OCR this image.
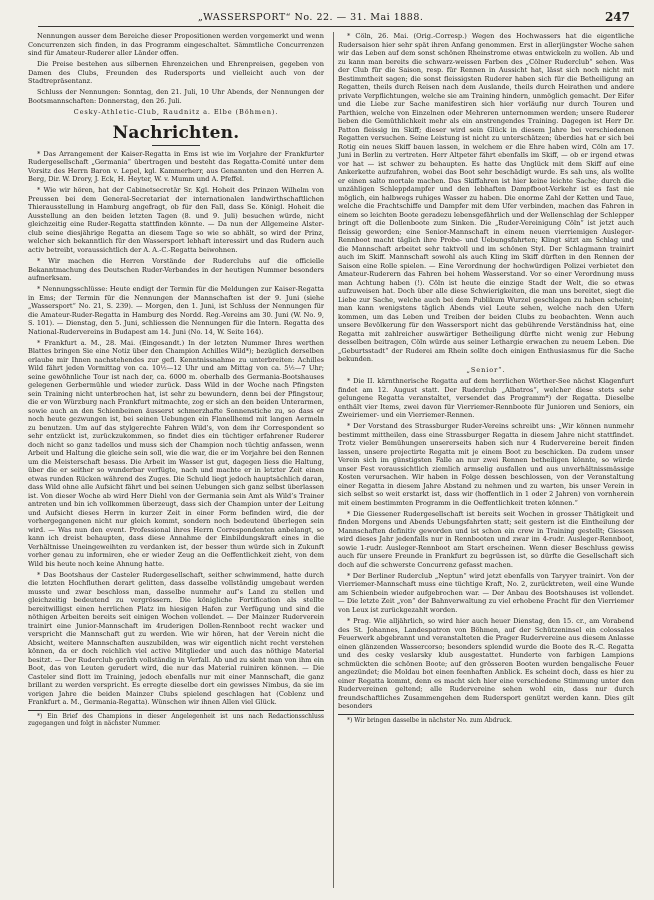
„WASSERSPORT“ No. 22. — 31. Mai 1888.	247

Nennungen ausser dem Bereiche dieser Propositionen werden vorgemerkt und wenn Concurrenzen sich finden, in das Programm eingeschaltet. Sämmtliche Concurrenzen sind für Amateur-Ruderer aller Länder offen.

Die Preise bestehen aus silbernen Ehrenzeichen und Ehrenpreisen, gegeben von Damen des Clubs, Freunden des Rudersports und vielleicht auch von der Stadtrepräsentanz.

Schluss der Nennungen: Sonntag, den 21. Juli, 10 Uhr Abends, der Nennungen der Bootsmannschaften: Donnerstag, den 26. Juli.

Cesky-Athletic-Club, Raudnitz a. Elbe (Böhmen).

Nachrichten.

* Das Arrangement der Kaiser-Regatta in Ems ist wie im Vorjahre der Frankfurter Rudergesellschaft „Germania“ übertragen und besteht das Regatta-Comité unter dem Vorsitz des Herrn Baron v. Lepel, kgl. Kammerherr, aus Genannten und den Herren A. Berg, Dir. W. Drory, J. Eck, H. Heyter, W. v. Mumm und A. Pfeffel.

* Wie wir hören, hat der Cabinetsecretär Sr. Kgl. Hoheit des Prinzen Wilhelm von Preussen bei dem General-Secretariat der internationalen landwirthschaftlichen Thierausstellung in Hamburg angefragt, ob für den Fall, dass Se. Königl. Hoheit die Ausstellung an den beiden letzten Tagen (8. und 9. Juli) besuchen würde, nicht gleichzeitig eine Ruder-Regatta stattfinden könnte. — Da nun der Allgemeine Alster-club seine diesjährige Regatta an diesem Tage so wie so abhält, so wird der Prinz, welcher sich bekanntlich für den Wassersport lebhaft interessirt und das Rudern auch activ betreibt, voraussichtlich der A. A.-C.-Regatta beiwohnen.

* Wir machen die Herren Vorstände der Ruderclubs auf die officielle Bekanntmachung des Deutschen Ruder-Verbandes in der heutigen Nummer besonders aufmerksam.

* Nennungsschlüsse: Heute endigt der Termin für die Meldungen zur Kaiser-Regatta in Ems; der Termin für die Nennungen der Mannschaften ist der 9. Juni (siehe „Wassersport“ No. 21, S. 239). — Morgen, den 1. Juni, ist Schluss der Nennungen für die Amateur-Ruder-Regatta in Hamburg des Nordd. Reg.-Vereins am 30. Juni (W. No. 9, S. 101). — Dienstag, den 5. Juni, schliessen die Nennungen für die Intern. Regatta des National-Rudervereins in Budapest am 14. Juni (No. 14, W. Seite 164).

* Frankfurt a. M., 28. Mai. (Eingesandt.) In der letzten Nummer Ihres werthen Blattes bringen Sie eine Notiz über den Champion Achilles Wild*); bezüglich derselben erlaube mir Ihnen nachstehendes zur gefl. Kenntnissnahme zu unterbreiten: Achilles Wild fährt jeden Vormittag von ca. 10½—12 Uhr und am Mittag von ca. 5½—7 Uhr; seine gewöhnliche Tour ist nach der, ca. 6000 m. oberhalb des Germania-Bootshauses gelegenen Gerbermühle und wieder zurück. Dass Wild in der Woche nach Pfingsten sein Training nicht unterbrochen hat, ist sehr zu bewundern, denn bei der Pfingstour, die er von Würzburg nach Frankfurt mitmachte, zog er sich an den beiden Unterarmen, sowie auch an den Schienbeinen äusserst schmerzhafte Sonnenstiche zu, so dass er noch heute gezwungen ist, bei seinen Uebungen ein Flanellhemd mit langen Aermeln zu benutzen. Um auf das stylgerechte Fahren Wild’s, von dem ihr Correspondent so sehr entzückt ist, zurückzukommen, so findet dies ein tüchtiger erfahrener Ruderer doch nicht so ganz tadellos und muss sich der Champion noch tüchtig anfassen, wenn Arbeit und Haltung die gleiche sein soll, wie die war, die er im Vorjahre bei den Rennen um die Meisterschaft besass. Die Arbeit im Wasser ist gut, dagegen liess die Haltung, über die er seither so wunderbar verfügte, nach und machte er in letzter Zeit einen etwas runden Rücken während des Zuges. Die Schuld liegt jedoch hauptsächlich daran, dass Wild ohne alle Aufsicht fährt und bei seinen Uebungen sich ganz selbst überlassen ist. Von dieser Woche ab wird Herr Diehl von der Germania sein Amt als Wild’s Trainer antreten und bin ich vollkommen überzeugt, dass sich der Champion unter der Leitung und Aufsicht dieses Herrn in kurzer Zeit in einer Form befinden wird, die der vorhergegangenen nicht nur gleich kommt, sondern noch bedeutend überlegen sein wird. — Was nun den event. Professional ihres Herrn Correspondenten anbelangt, so kann ich dreist behaupten, dass diese Annahme der Einbildungskraft eines in die Verhältnisse Uneingeweihten zu verdanken ist, der besser thun würde sich in Zukunft vorher genau zu informiren, ehe er wieder Zeug an die Oeffentlichkeit zieht, von dem Wild bis heute noch keine Ahnung hatte.

* Das Bootshaus der Casteler Rudergesellschaft, seither schwimmend, hatte durch die letzten Hochfluthen derart gelitten, dass dasselbe vollständig umgebaut werden musste und zwar beschloss man, dasselbe nunmehr auf’s Land zu stellen und gleichzeitig bedeutend zu vergrössern. Die königliche Fortification als stellte bereitwilligst einen herrlichen Platz im hiesigen Hafen zur Verfügung und sind die nöthigen Arbeiten bereits seit einigen Wochen vollendet. — Der Mainzer Ruderverein trainirt eine Junior-Mannschaft im 4ruderigen Dollen-Rennboot recht wacker und verspricht die Mannschaft gut zu werden. Wie wir hören, hat der Verein nicht die Absicht, weitere Mannschaften auszubilden, was wir eigentlich nicht recht verstehen können, da er doch reichlich viel active Mitglieder und auch das nöthige Material besitzt. — Der Ruderclub geräth vollständig in Verfall. Ab und zu sieht man von ihm ein Boot, das von Leuten gerudert wird, die nur das Material ruiniren können. — Die Casteler sind flott im Training, jedoch ebenfalls nur mit einer Mannschaft, die ganz brillant zu werden verspricht. Es erregte dieselbe dort ein gewisses Nimbus, da sie im vorigen Jahre die beiden Mainzer Clubs spielend geschlagen hat (Coblenz und Frankfurt a. M., Germania-Regatta). Wünschen wir ihnen Allen viel Glück.

*) Ein Brief des Champions in dieser Angelegenheit ist uns nach Redactionsschluss zugegangen und folgt in nächster Nummer.

* Cöln, 26. Mai. (Orig.-Corresp.) Wegen des Hochwassers hat die eigentliche Rudersaison hier sehr spät ihren Anfang genommen. Erst in allerjüngster Woche sahen wir das Leben auf dem sonst schönen Rheinstrome etwas entwickeln zu wollen. Ab und zu kann man bereits die schwarz-weissen Farben des „Cölner Ruderclub“ sehen. Was der Club für die Saison, resp. für Rennen in Aussicht hat, lässt sich noch nicht mit Bestimmtheit sagen; die sonst fleissigsten Ruderer haben sich für die Betheiligung an Regatten, theils durch Reisen nach dem Auslande, theils durch Heirathen und andere private Verpflichtungen, welche sie am Training hindern, unmöglich gemacht. Der Eifer und die Liebe zur Sache manifestiren sich hier vorläufig nur durch Touren und Parthien, welche von Einzelnen oder Mehreren unternommen werden; unsere Ruderer lieben die Gemüthlichkeit mehr als ein anstrengendes Training. Dagegen ist Herr Dr. Patton fleissig im Skiff; dieser wird sein Glück in diesem Jahre bei verschiedenen Regatten versuchen. Seine Leistung ist nicht zu unterschätzen; überdies hat er sich bei Rotig ein neues Skiff bauen lassen, in welchem er die Ehre haben wird, Cöln am 17. Juni in Berlin zu vertreten. Herr Altpeter fährt ebenfalls im Skiff, — ob er irgend etwas vor hat — ist schwer zu behaupten. Es hatte das Unglück mit dem Skiff auf eine Ankerkette aufzufahren, wobei das Boot sehr beschädigt wurde. Es sah uns, als wollte er einen salto mortale machen. Das Skiffahren ist hier keine leichte Sache; durch die unzähligen Schleppdampfer und den lebhaften Dampfboot-Verkehr ist es fast nie möglich, ein halbwegs ruhiges Wasser zu haben. Die enorme Zahl der Ketten und Taue, welche die Frachtschiffe und Dampfer mit dem Ufer verbinden, machen das Fahren in einem so leichten Boote geradezu lebensgefährlich und der Wellenschlag der Schlepper bringt oft die Dollenboote zum Sinken. Die „Ruder-Vereinigung Cöln“ ist jetzt auch fleissig geworden; eine Senior-Mannschaft in einem neuen vierriemigen Ausleger-Rennboot macht täglich ihre Probe- und Uebungsfahrten; Klingt sitzt am Schlag und die Mannschaft arbeitet sehr taktvoll und im schönen Styl. Der Schlagmann trainirt auch im Skiff. Mannschaft sowohl als auch Kling im Skiff dürften in den Rennen der Saison eine Rolle spielen. — Eine Verordnung der hochwürdigen Polizei verbietet den Amateur-Ruderern das Fahren bei hohem Wasserstand. Vor so einer Verordnung muss man Achtung haben (!). Cöln ist heute die einzige Stadt der Welt, die so etwas aufzuweisen hat. Doch über alle diese Schwierigkeiten, die man uns bereitet, siegt die Liebe zur Sache, welche auch bei dem Publikum Wurzel geschlagen zu haben scheint; man kann wenigstens täglich Abends viel Leute sehen, welche nach den Ufern kommen, um das Leben und Treiben der beiden Clubs zu beobachten. Wenn auch unsere Bevölkerung für den Wassersport nicht das gebührende Verständniss hat, eine Regatta mit zahlreicher auswärtiger Betheiligung dürfte nicht wenig zur Hebung desselben beitragen, Cöln würde aus seiner Lethargie erwachen zu neuem Leben. Die „Geburtsstadt“ der Ruderei am Rhein sollte doch einigen Enthusiasmus für die Sache bekunden.

„Senior“.

* Die II. kärnthnerische Regatta auf dem herrlichen Wörther-See nächst Klagenfurt findet am 12. August statt. Der Ruderclub „Albatros“, welcher diese stets sehr gelungene Regatta veranstaltet, versendet das Programm*) der Regatta. Dieselbe enthält vier Items, zwei davon für Vierriemer-Rennboote für Junioren und Seniors, ein Zweiriemer- und ein Vierriemer-Rennen.

* Der Vorstand des Strassburger Ruder-Vereins schreibt uns: „Wir können nunmehr bestimmt mittheilen, dass eine Strassburger Regatta in diesem Jahre nicht stattfindet. Trotz vieler Bemühungen unsererseits haben sich nur 4 Rudervereine bereit finden lassen, unsere projectirte Regatta mit je einem Boot zu beschicken. Da zudem unser Verein sich im günstigsten Falle an nur zwei Rennen betheiligen könnte, so würde unser Fest voraussichtlich ziemlich armselig ausfallen und aus unverhältnissmässige Kosten verursachen. Wir haben in Folge dessen beschlossen, von der Veranstaltung einer Regatta in diesem Jahre Abstand zu nehmen und zu warten, bis unser Verein in sich selbst so weit erstarkt ist, dass wir (hoffentlich in 1 oder 2 Jahren) von vornherein mit einem bestimmten Programm in die Oeffentlichkeit treten können.“

* Die Giessener Rudergesellschaft ist bereits seit Wochen in grosser Thätigkeit und finden Morgens und Abends Uebungsfahrten statt; seit gestern ist die Eintheilung der Mannschaften definitiv geworden und ist schon ein crew in Training gestellt; Giessen wird dieses Jahr jedenfalls nur in Rennbooten und zwar im 4-rudr. Ausleger-Rennboot, sowie 1-rudr. Ausleger-Rennboot am Start erscheinen. Wenn dieser Beschluss gewiss auch für unsere Freunde in Frankfurt zu begrüssen ist, so dürfte die Gesellschaft sich doch auf die schwerste Concurrenz gefasst machen.

* Der Berliner Ruderclub „Neptun“ wird jetzt ebenfalls von Taryyer trainirt. Von der Vierriemer-Mannschaft muss eine tüchtige Kraft, No. 2, zurücktreten, weil eine Wunde am Schienbein wieder aufgebrochen war. — Der Anbau des Bootshauses ist vollendet. — Die letzte Zeit „von“ der Bahnverwaltung zu viel erhobene Fracht für den Vierriemer von Leux ist zurückgezahlt worden.

* Prag. Wie alljährlich, so wird hier auch heuer Dienstag, den 15. cr., am Vorabend des St. Johannes, Landespatron von Böhmen, auf der Schützeninsel ein colossales Feuerwerk abgebrannt und veranstalteten die Prager Rudervereine aus diesem Anlasse einen glänzenden Wassercorso; besonders splendid wurde die Boote des R.-C. Regatta und des cesky veslarsky klub ausgestattet. Hunderte von farbigen Lampions schmückten die schönen Boote; auf den grösseren Booten wurden bengalische Feuer angezündet; die Moldau bot einen feenhaften Anblick. Es scheint doch, dass es hier zu einer Regatta kommt, denn es macht sich hier eine verschiedene Stimmung unter den Rudervereinen geltend; alle Rudervereine sehen wohl ein, dass nur durch freundschaftliches Zusammengehen dem Rudersport genützt werden kann. Dies gilt besonders

*) Wir bringen dasselbe in nächster No. zum Abdruck.
